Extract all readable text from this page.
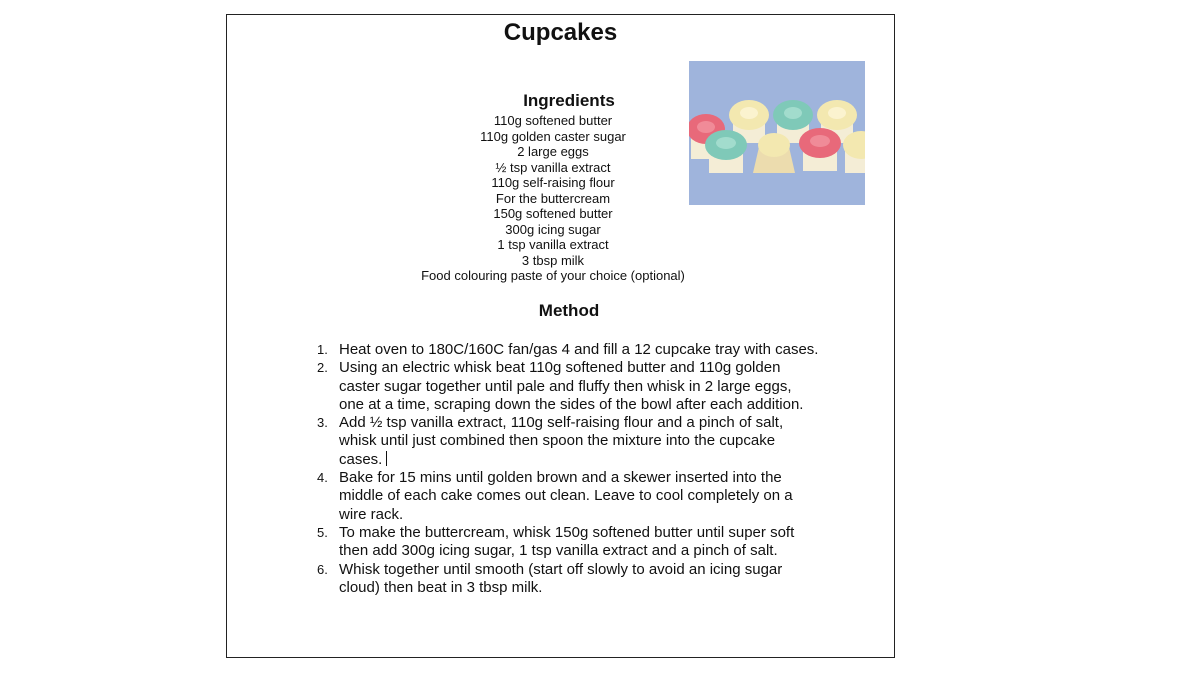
Cupcakes
Ingredients
110g softened butter
110g golden caster sugar
2 large eggs
½ tsp vanilla extract
110g self-raising flour
For the buttercream
150g softened butter
300g icing sugar
1 tsp vanilla extract
3 tbsp milk
Food colouring paste of your choice (optional)
Method
1. Heat oven to 180C/160C fan/gas 4 and fill a 12 cupcake tray with cases.
2. Using an electric whisk beat 110g softened butter and 110g golden caster sugar together until pale and fluffy then whisk in 2 large eggs, one at a time, scraping down the sides of the bowl after each addition.
3. Add ½ tsp vanilla extract, 110g self-raising flour and a pinch of salt, whisk until just combined then spoon the mixture into the cupcake cases.
4. Bake for 15 mins until golden brown and a skewer inserted into the middle of each cake comes out clean. Leave to cool completely on a wire rack.
5. To make the buttercream, whisk 150g softened butter until super soft then add 300g icing sugar, 1 tsp vanilla extract and a pinch of salt.
6. Whisk together until smooth (start off slowly to avoid an icing sugar cloud) then beat in 3 tbsp milk.
